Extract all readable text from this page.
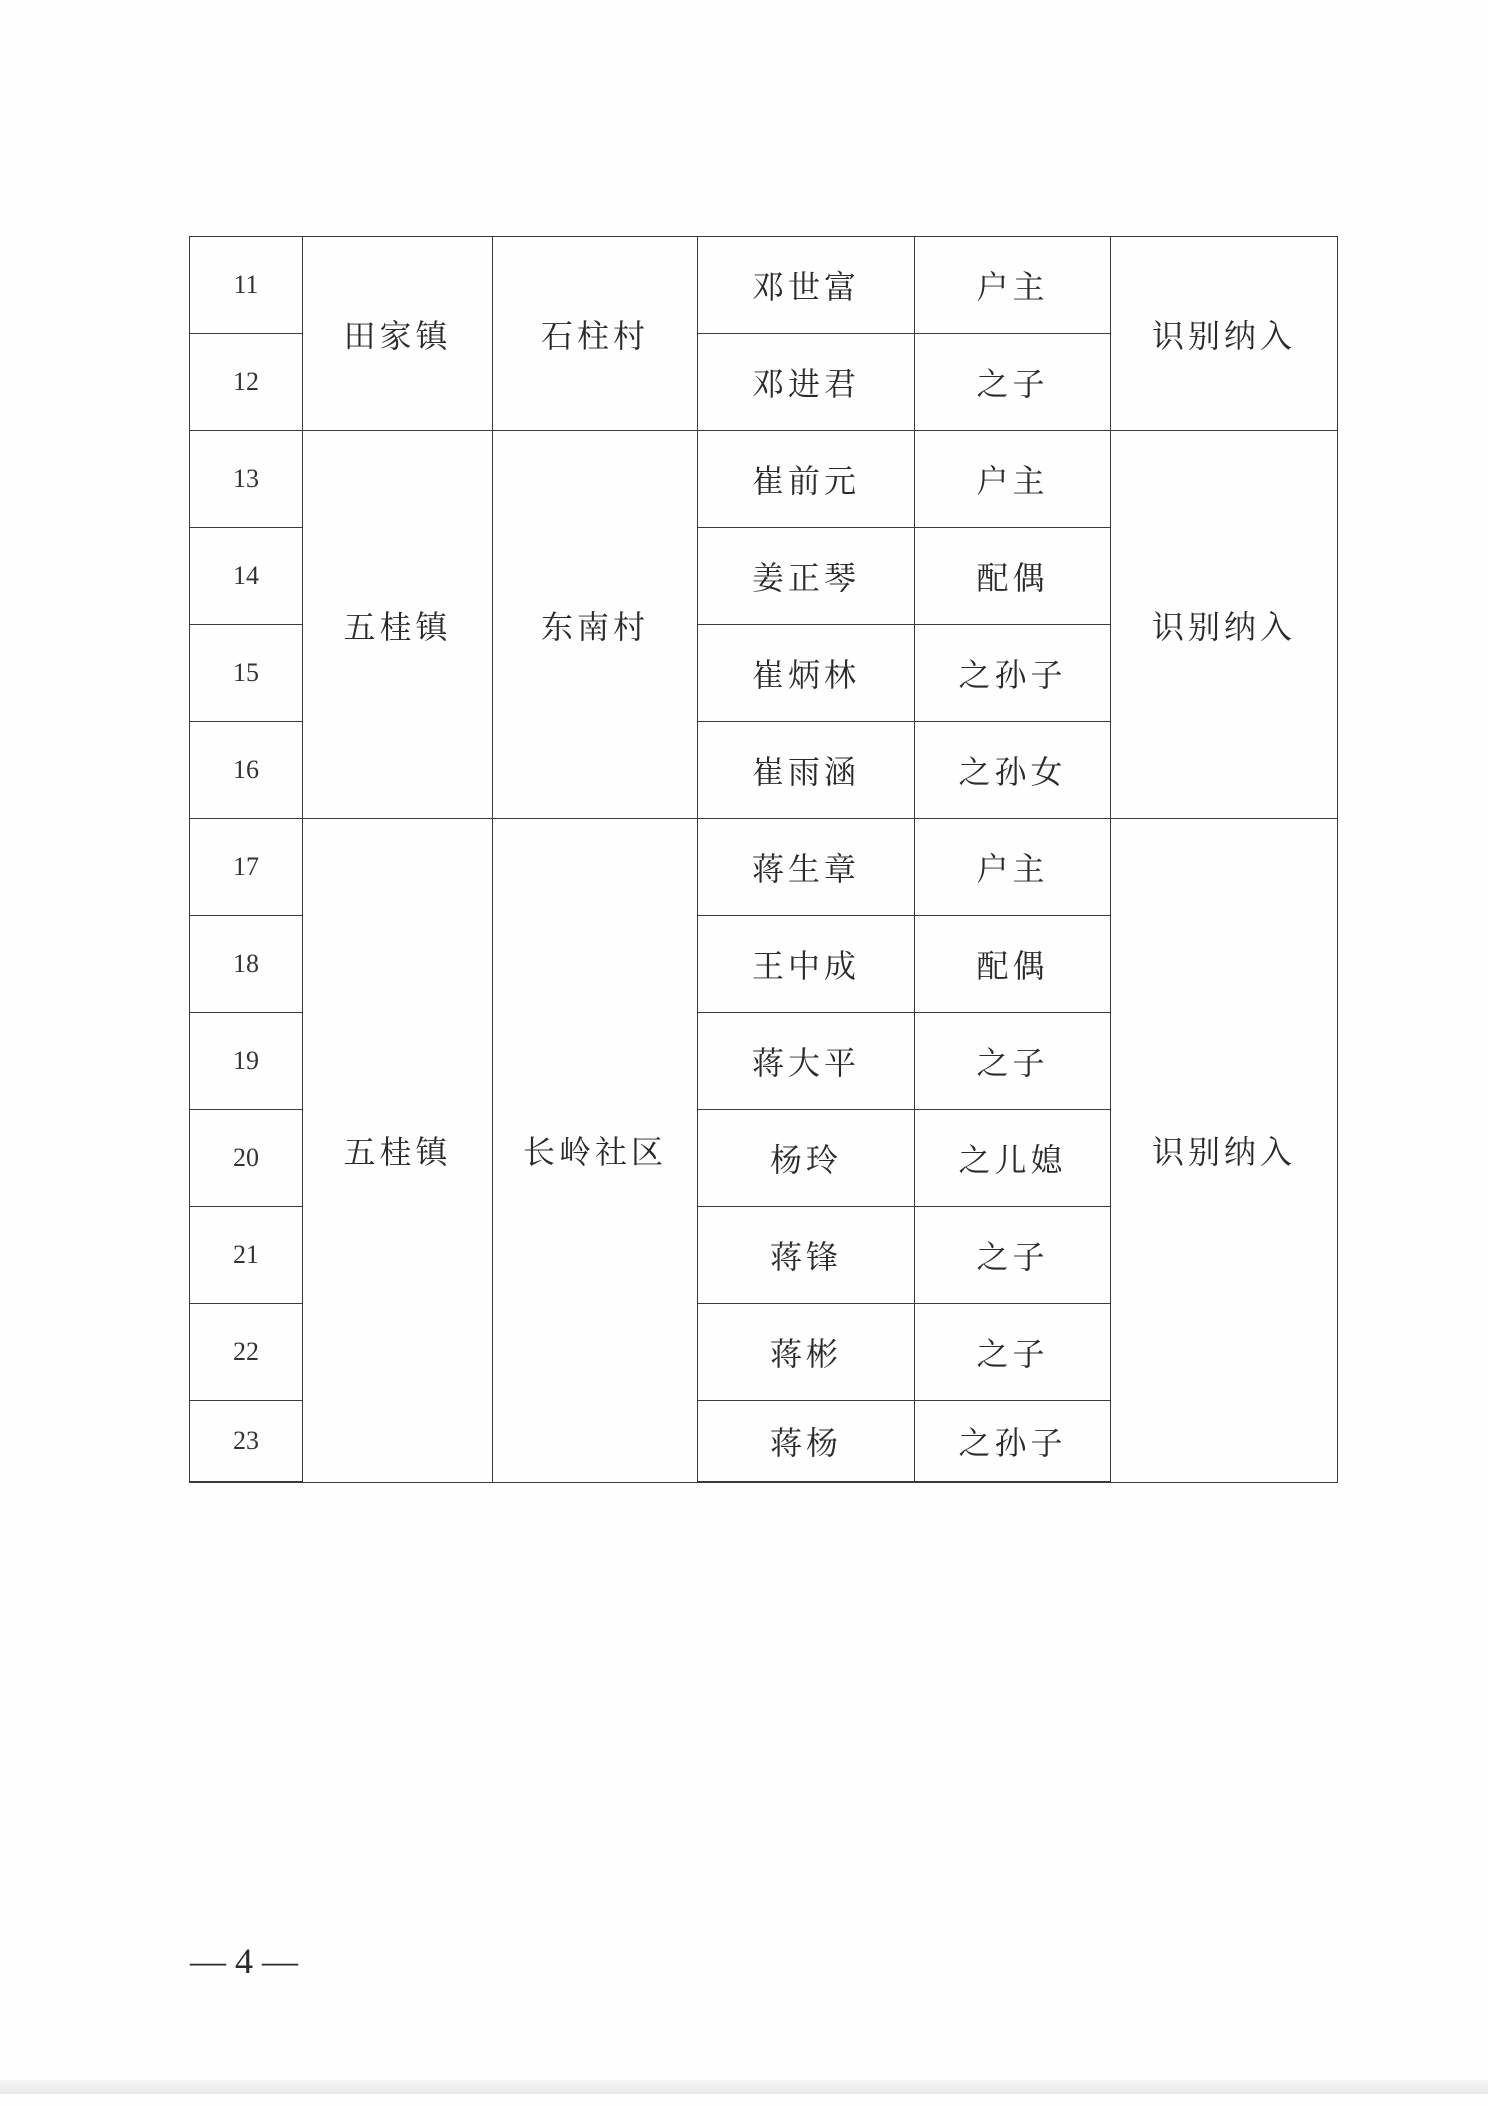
11	田家镇	石柱村	邓世富	户主	识别纳入
12			邓进君	之子	
13	五桂镇	东南村	崔前元	户主	识别纳入
14			姜正琴	配偶	
15			崔炳林	之孙子	
16			崔雨涵	之孙女	
17	五桂镇	长岭社区	蒋生章	户主	识别纳入
18			王中成	配偶	
19			蒋大平	之子	
20			杨玲	之儿媳	
21			蒋锋	之子	
22			蒋彬	之子	
23			蒋杨	之孙子	
— 4 —
